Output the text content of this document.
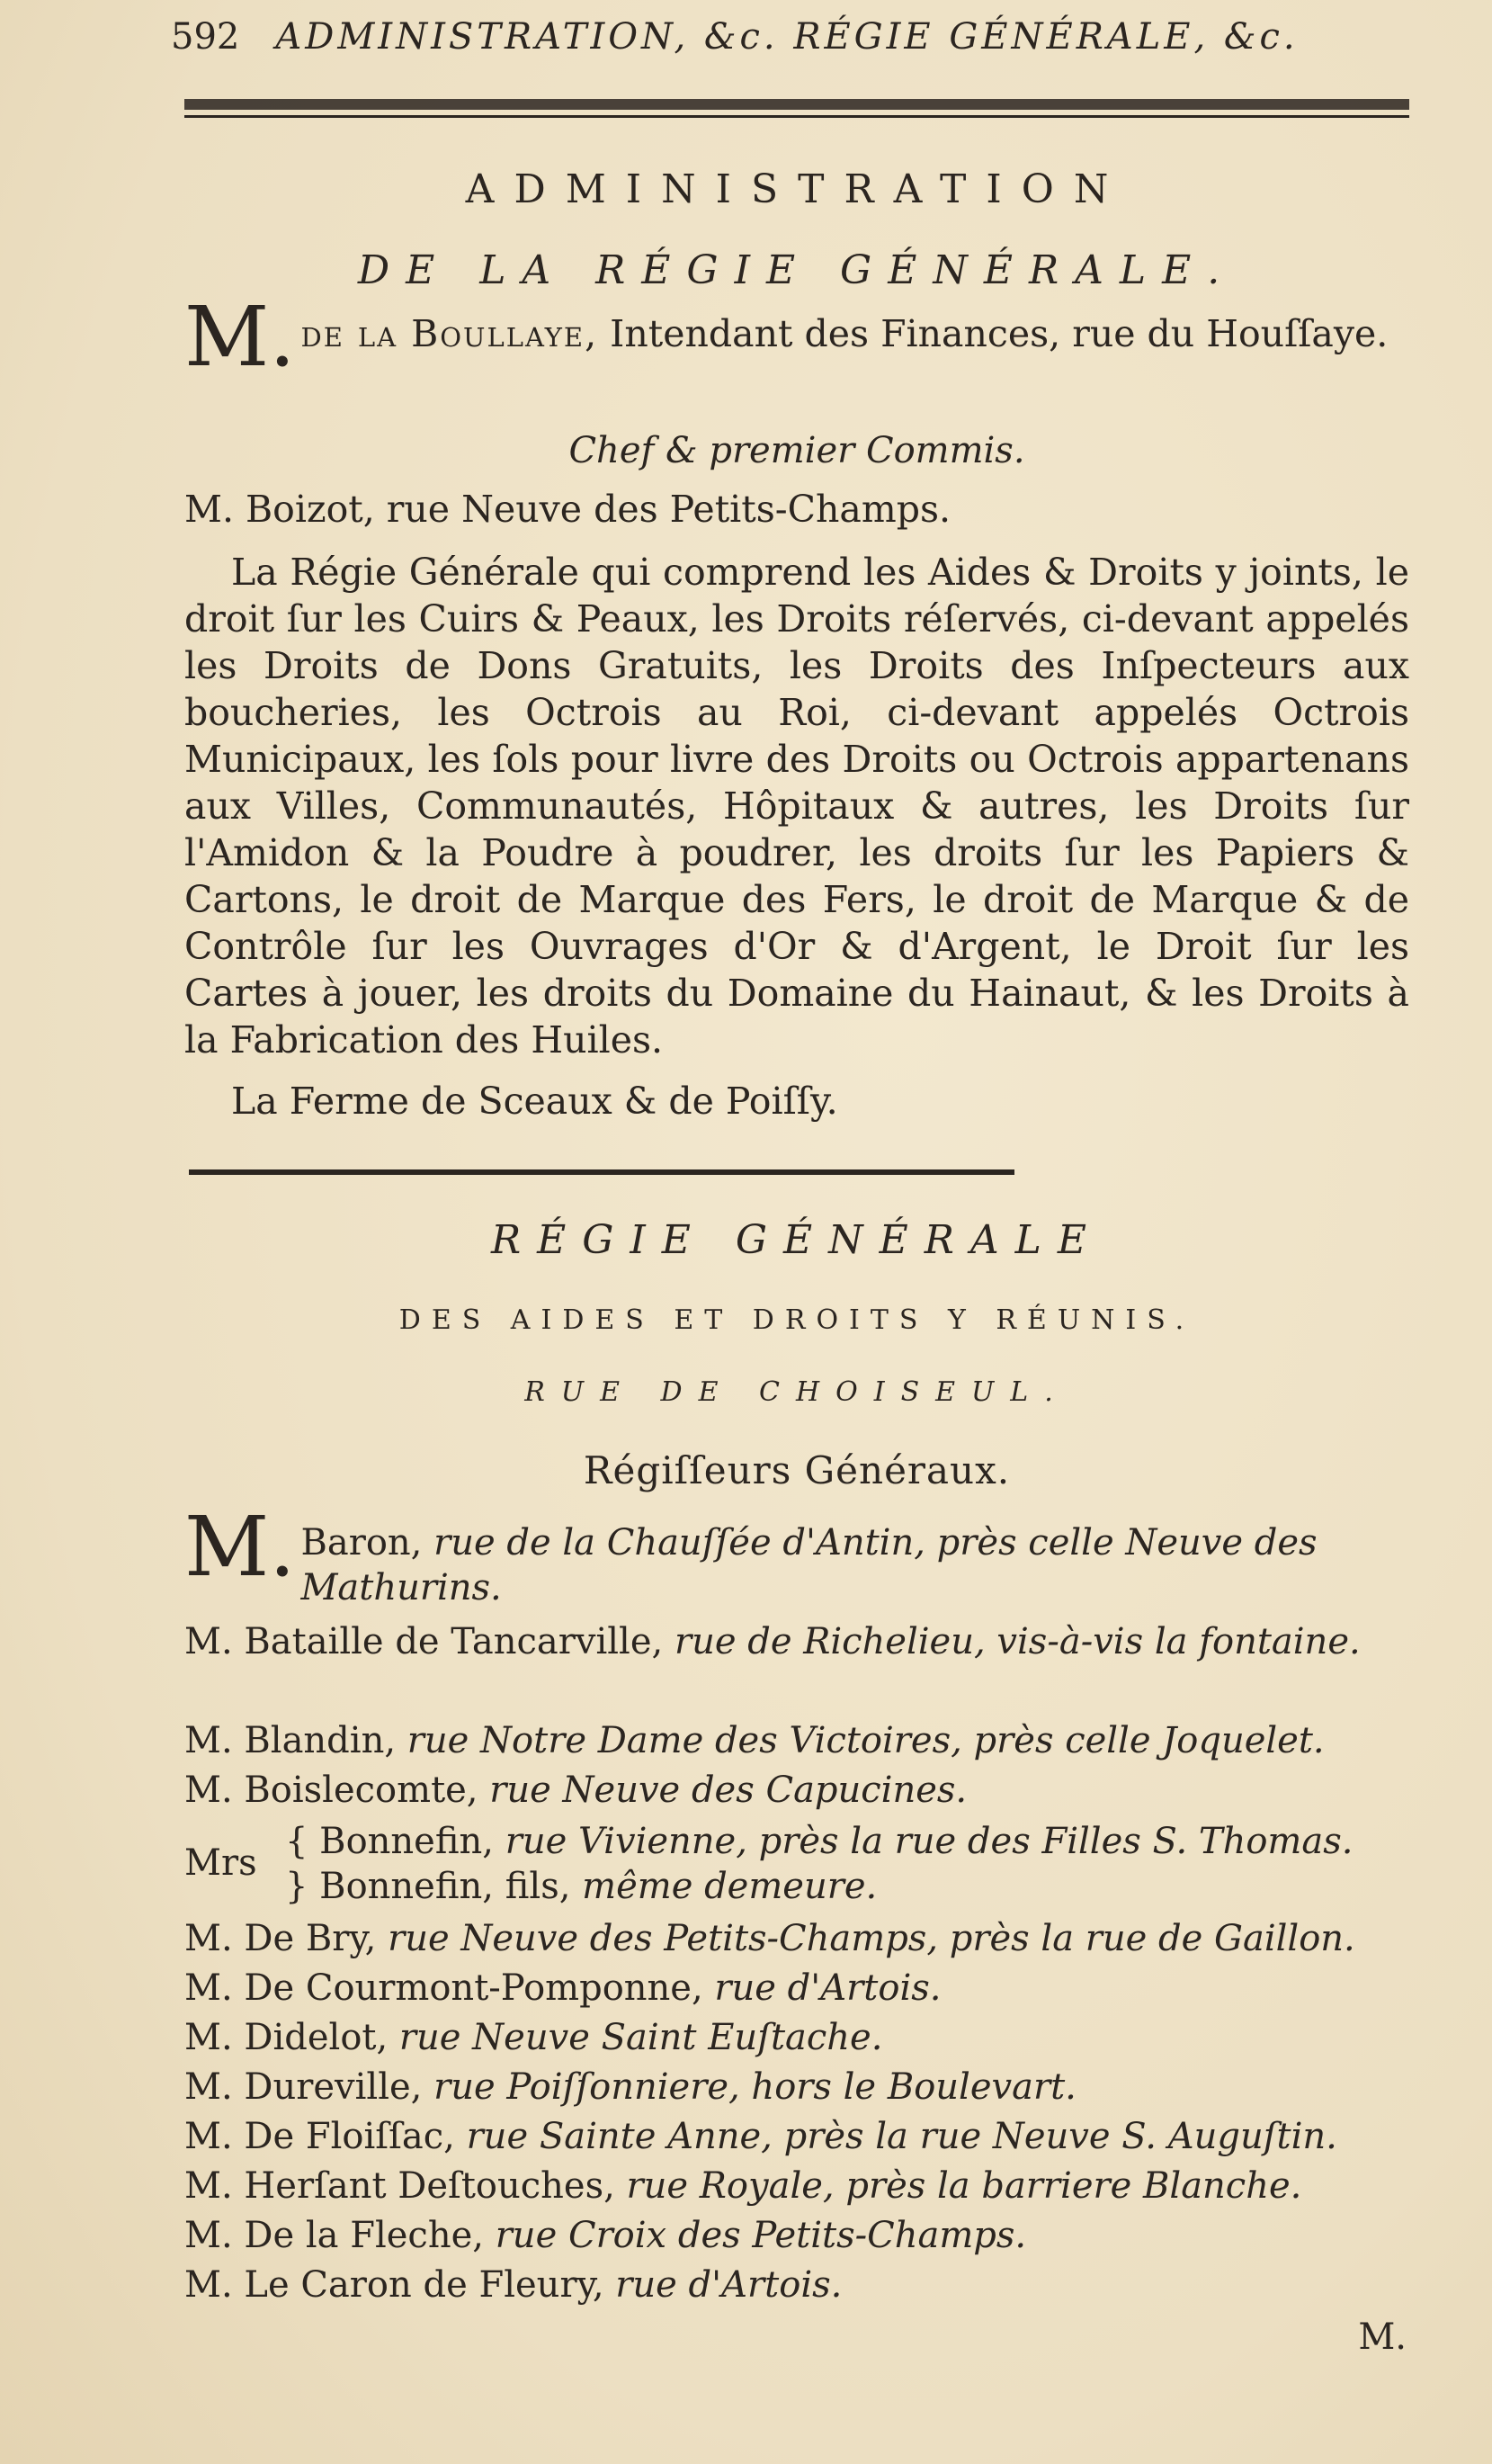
592 ADMINISTRATION, &c. RÉGIE GÉNÉRALE, &c.
ADMINISTRATION
DE LA RÉGIE GÉNÉRALE.
M. de la Boullaye, Intendant des Finances, rue du Houſſaye.
Chef & premier Commis.
M. Boizot, rue Neuve des Petits-Champs.
La Régie Générale qui comprend les Aides & Droits y joints, le droit ſur les Cuirs & Peaux, les Droits réſervés, ci-devant appelés les Droits de Dons Gratuits, les Droits des Inſpecteurs aux boucheries, les Octrois au Roi, ci-devant appelés Octrois Municipaux, les ſols pour livre des Droits ou Octrois appartenans aux Villes, Communautés, Hôpitaux & autres, les Droits ſur l'Amidon & la Poudre à poudrer, les droits ſur les Papiers & Cartons, le droit de Marque des Fers, le droit de Marque & de Contrôle ſur les Ouvrages d'Or & d'Argent, le Droit ſur les Cartes à jouer, les droits du Domaine du Hainaut, & les Droits à la Fabrication des Huiles.
La Ferme de Sceaux & de Poiſſy.
RÉGIE GÉNÉRALE
DES AIDES ET DROITS Y RÉUNIS.
RUE DE CHOISEUL.
Régiſſeurs Généraux.
M. Baron, rue de la Chauſſée d'Antin, près celle Neuve des Mathurins.
M. Bataille de Tancarville, rue de Richelieu, vis-à-vis la fontaine.
M. Blandin, rue Notre Dame des Victoires, près celle Joquelet.
M. Boislecomte, rue Neuve des Capucines.
Mrs
{ Bonnefin, rue Vivienne, près la rue des Filles S. Thomas.
} Bonnefin, fils, même demeure.
M. De Bry, rue Neuve des Petits-Champs, près la rue de Gaillon.
M. De Courmont-Pomponne, rue d'Artois.
M. Didelot, rue Neuve Saint Euſtache.
M. Dureville, rue Poiſſonniere, hors le Boulevart.
M. De Floiſſac, rue Sainte Anne, près la rue Neuve S. Auguſtin.
M. Herſant Deſtouches, rue Royale, près la barriere Blanche.
M. De la Fleche, rue Croix des Petits-Champs.
M. Le Caron de Fleury, rue d'Artois.
M.
